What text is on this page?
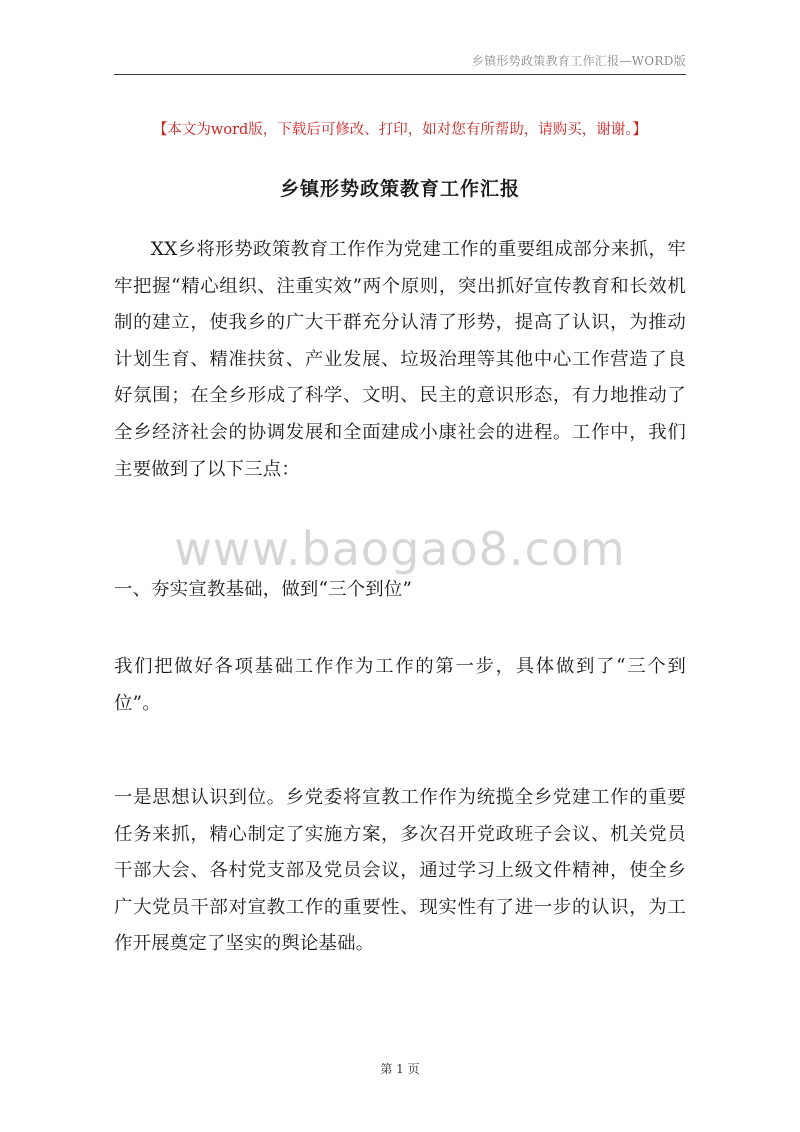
乡镇形势政策教育工作汇报—WORD版
【本文为word版，下载后可修改、打印，如对您有所帮助，请购买，谢谢。】
乡镇形势政策教育工作汇报
XX乡将形势政策教育工作作为党建工作的重要组成部分来抓，牢牢把握“精心组织、注重实效”两个原则，突出抓好宣传教育和长效机制的建立，使我乡的广大干群充分认清了形势，提高了认识，为推动计划生育、精准扶贫、产业发展、垃圾治理等其他中心工作营造了良好氛围；在全乡形成了科学、文明、民主的意识形态，有力地推动了全乡经济社会的协调发展和全面建成小康社会的进程。工作中，我们主要做到了以下三点：
www.baogao8.com
一、夯实宣教基础，做到“三个到位”
我们把做好各项基础工作作为工作的第一步，具体做到了“三个到位”。
一是思想认识到位。乡党委将宣教工作作为统揽全乡党建工作的重要任务来抓，精心制定了实施方案，多次召开党政班子会议、机关党员干部大会、各村党支部及党员会议，通过学习上级文件精神，使全乡广大党员干部对宣教工作的重要性、现实性有了进一步的认识，为工作开展奠定了坚实的舆论基础。
第 1 页
